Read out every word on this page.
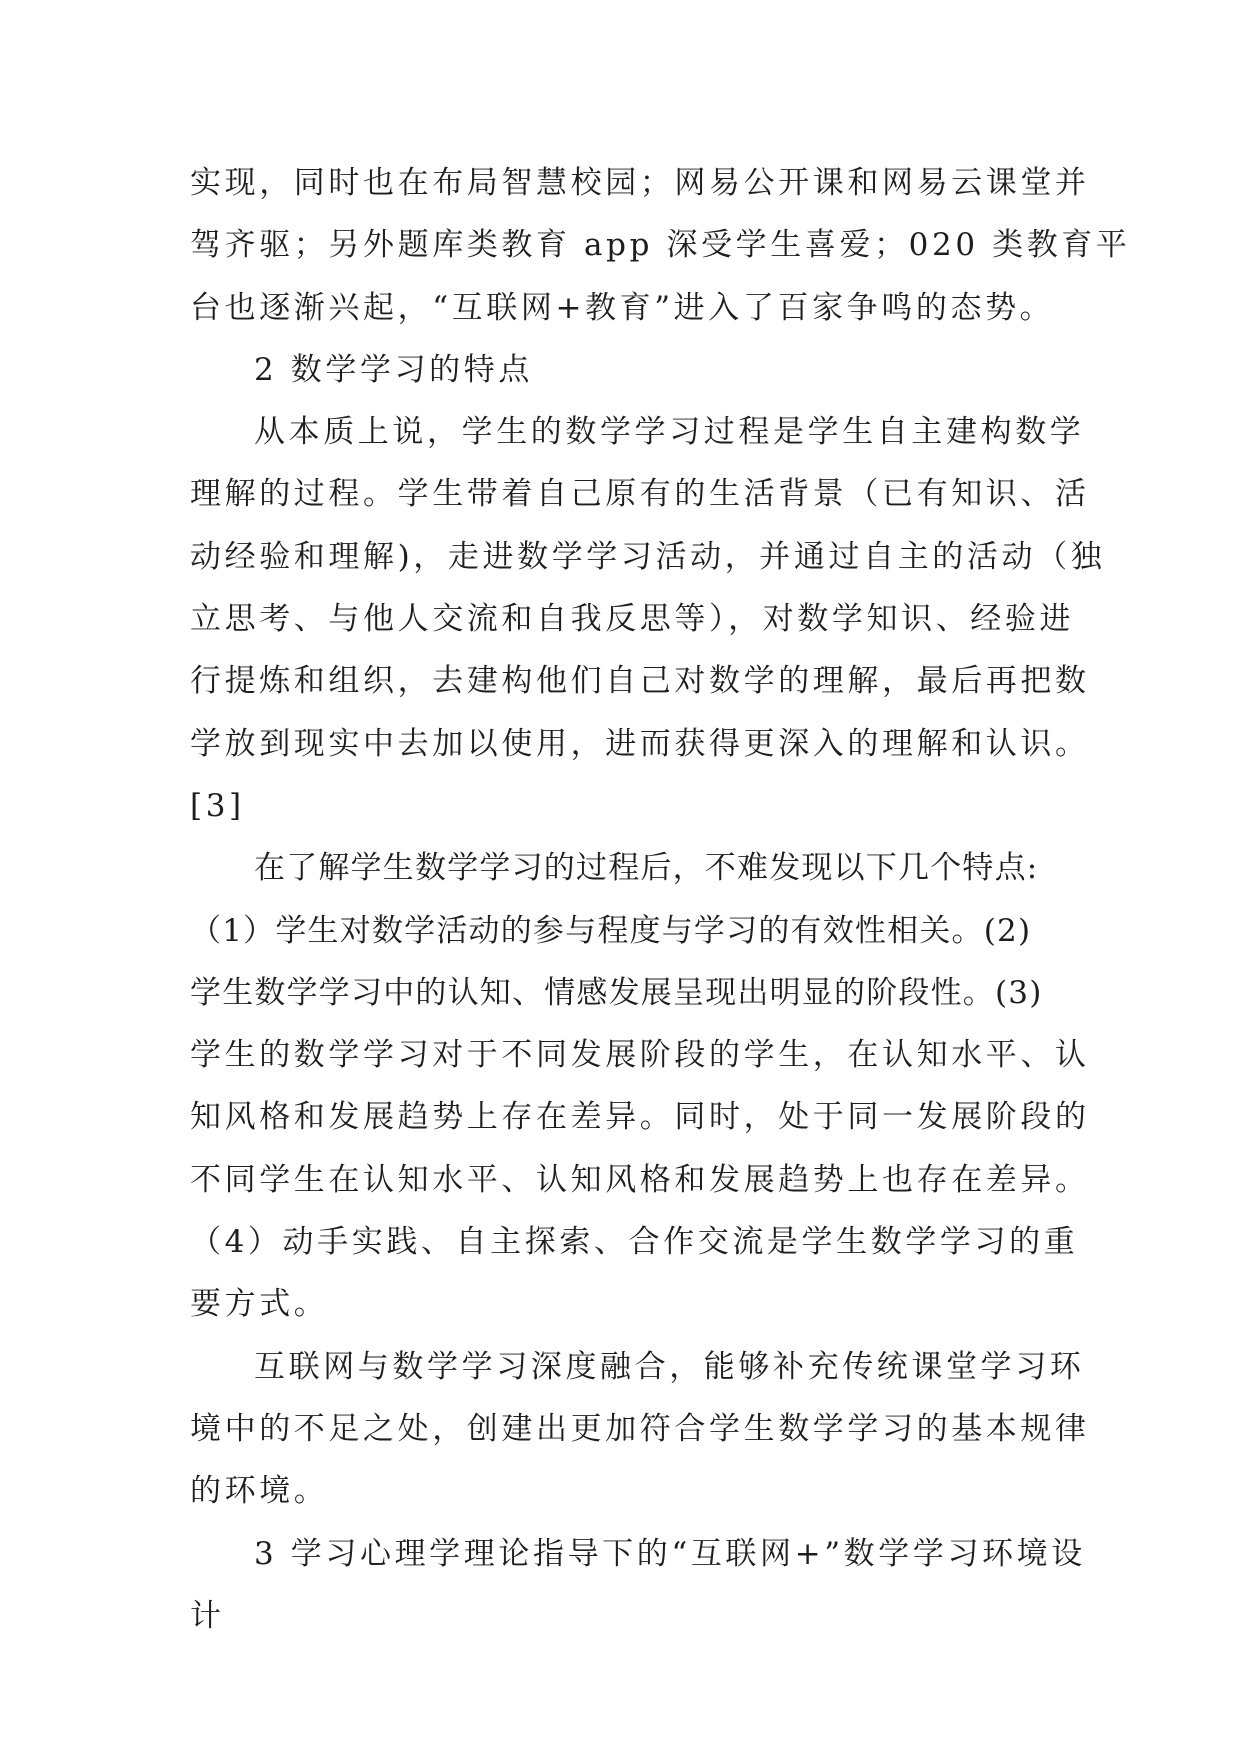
实现，同时也在布局智慧校园；网易公开课和网易云课堂并
驾齐驱；另外题库类教育 app 深受学生喜爱；020 类教育平
台也逐渐兴起，“互联网+教育”进入了百家争鸣的态势。
2 数学学习的特点
从本质上说，学生的数学学习过程是学生自主建构数学
理解的过程。学生带着自己原有的生活背景（已有知识、活
动经验和理解)，走进数学学习活动，并通过自主的活动（独
立思考、与他人交流和自我反思等），对数学知识、经验进
行提炼和组织，去建构他们自己对数学的理解，最后再把数
学放到现实中去加以使用，进而获得更深入的理解和认识。
[3]
在了解学生数学学习的过程后，不难发现以下几个特点:
（1）学生对数学活动的参与程度与学习的有效性相关。(2)
学生数学学习中的认知、情感发展呈现出明显的阶段性。(3)
学生的数学学习对于不同发展阶段的学生，在认知水平、认
知风格和发展趋势上存在差异。同时，处于同一发展阶段的
不同学生在认知水平、认知风格和发展趋势上也存在差异。
（4）动手实践、自主探索、合作交流是学生数学学习的重
要方式。
互联网与数学学习深度融合，能够补充传统课堂学习环
境中的不足之处，创建出更加符合学生数学学习的基本规律
的环境。
3 学习心理学理论指导下的“互联网+”数学学习环境设
计
